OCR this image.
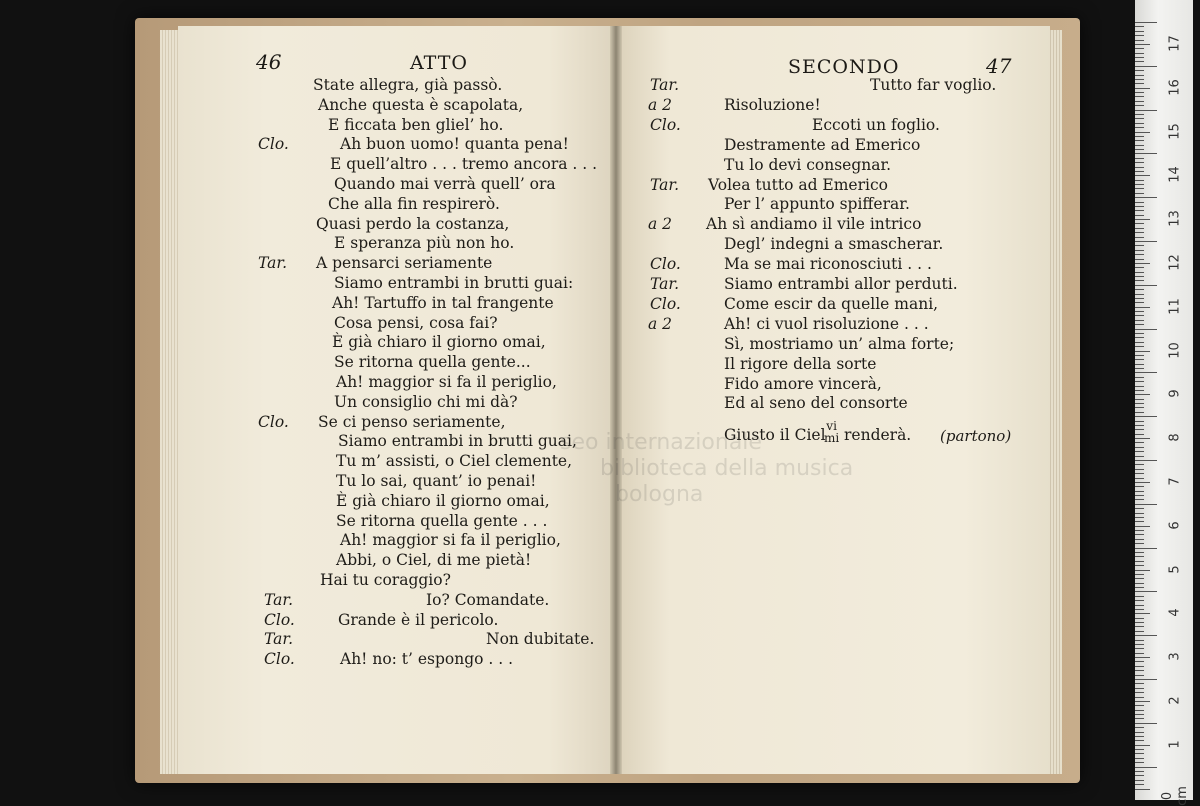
46	ATTO
State allegra, già passò.
Anche questa è scapolata,
E ficcata ben gliel’ ho.
Clo.	Ah buon uomo! quanta pena!
E quell’altro . . . tremo ancora . . .
Quando mai verrà quell’ ora
Che alla fin respirerò.
Quasi perdo la costanza,
E speranza più non ho.
Tar. A pensarci seriamente
Siamo entrambi in brutti guai:
Ah! Tartuffo in tal frangente
Cosa pensi, cosa fai?
È già chiaro il giorno omai,
Se ritorna quella gente...
Ah! maggior si fa il periglio,
Un consiglio chi mi dà?
Clo. Se ci penso seriamente,
Siamo entrambi in brutti guai,
Tu m’ assisti, o Ciel clemente,
Tu lo sai, quant’ io penai!
È già chiaro il giorno omai,
Se ritorna quella gente . . .
Ah! maggior si fa il periglio,
Abbi, o Ciel, di me pietà!
Hai tu coraggio?
Tar.	Io? Comandate.
Clo.	Grande è il pericolo.
Tar.	Non dubitate.
Clo.	Ah! no: t’ espongo . . .
SECONDO	47
Tar.	Tutto far voglio.
a 2	Risoluzione!
Clo.	Eccoti un foglio.
Destramente ad Emerico
Tu lo devi consegnar.
Tar. Volea tutto ad Emerico
Per l’ appunto spifferar.
a 2 Ah sì andiamo il vile intrico
Degl’ indegni a smascherar.
Clo.	Ma se mai riconosciuti . . .
Tar.	Siamo entrambi allor perduti.
Clo.	Come escir da quelle mani,
a 2	Ah! ci vuol risoluzione . . .
Sì, mostriamo un’ alma forte;
Il rigore della sorte
Fido amore vincerà,
Ed al seno del consorte
Giusto il Ciel vi
mi renderà. (partono)
seo internazionale
biblioteca della musica
bologna
17
16
15
14
13
12
11
10
9
8
7
6
5
4
3
2
1
0 cm
